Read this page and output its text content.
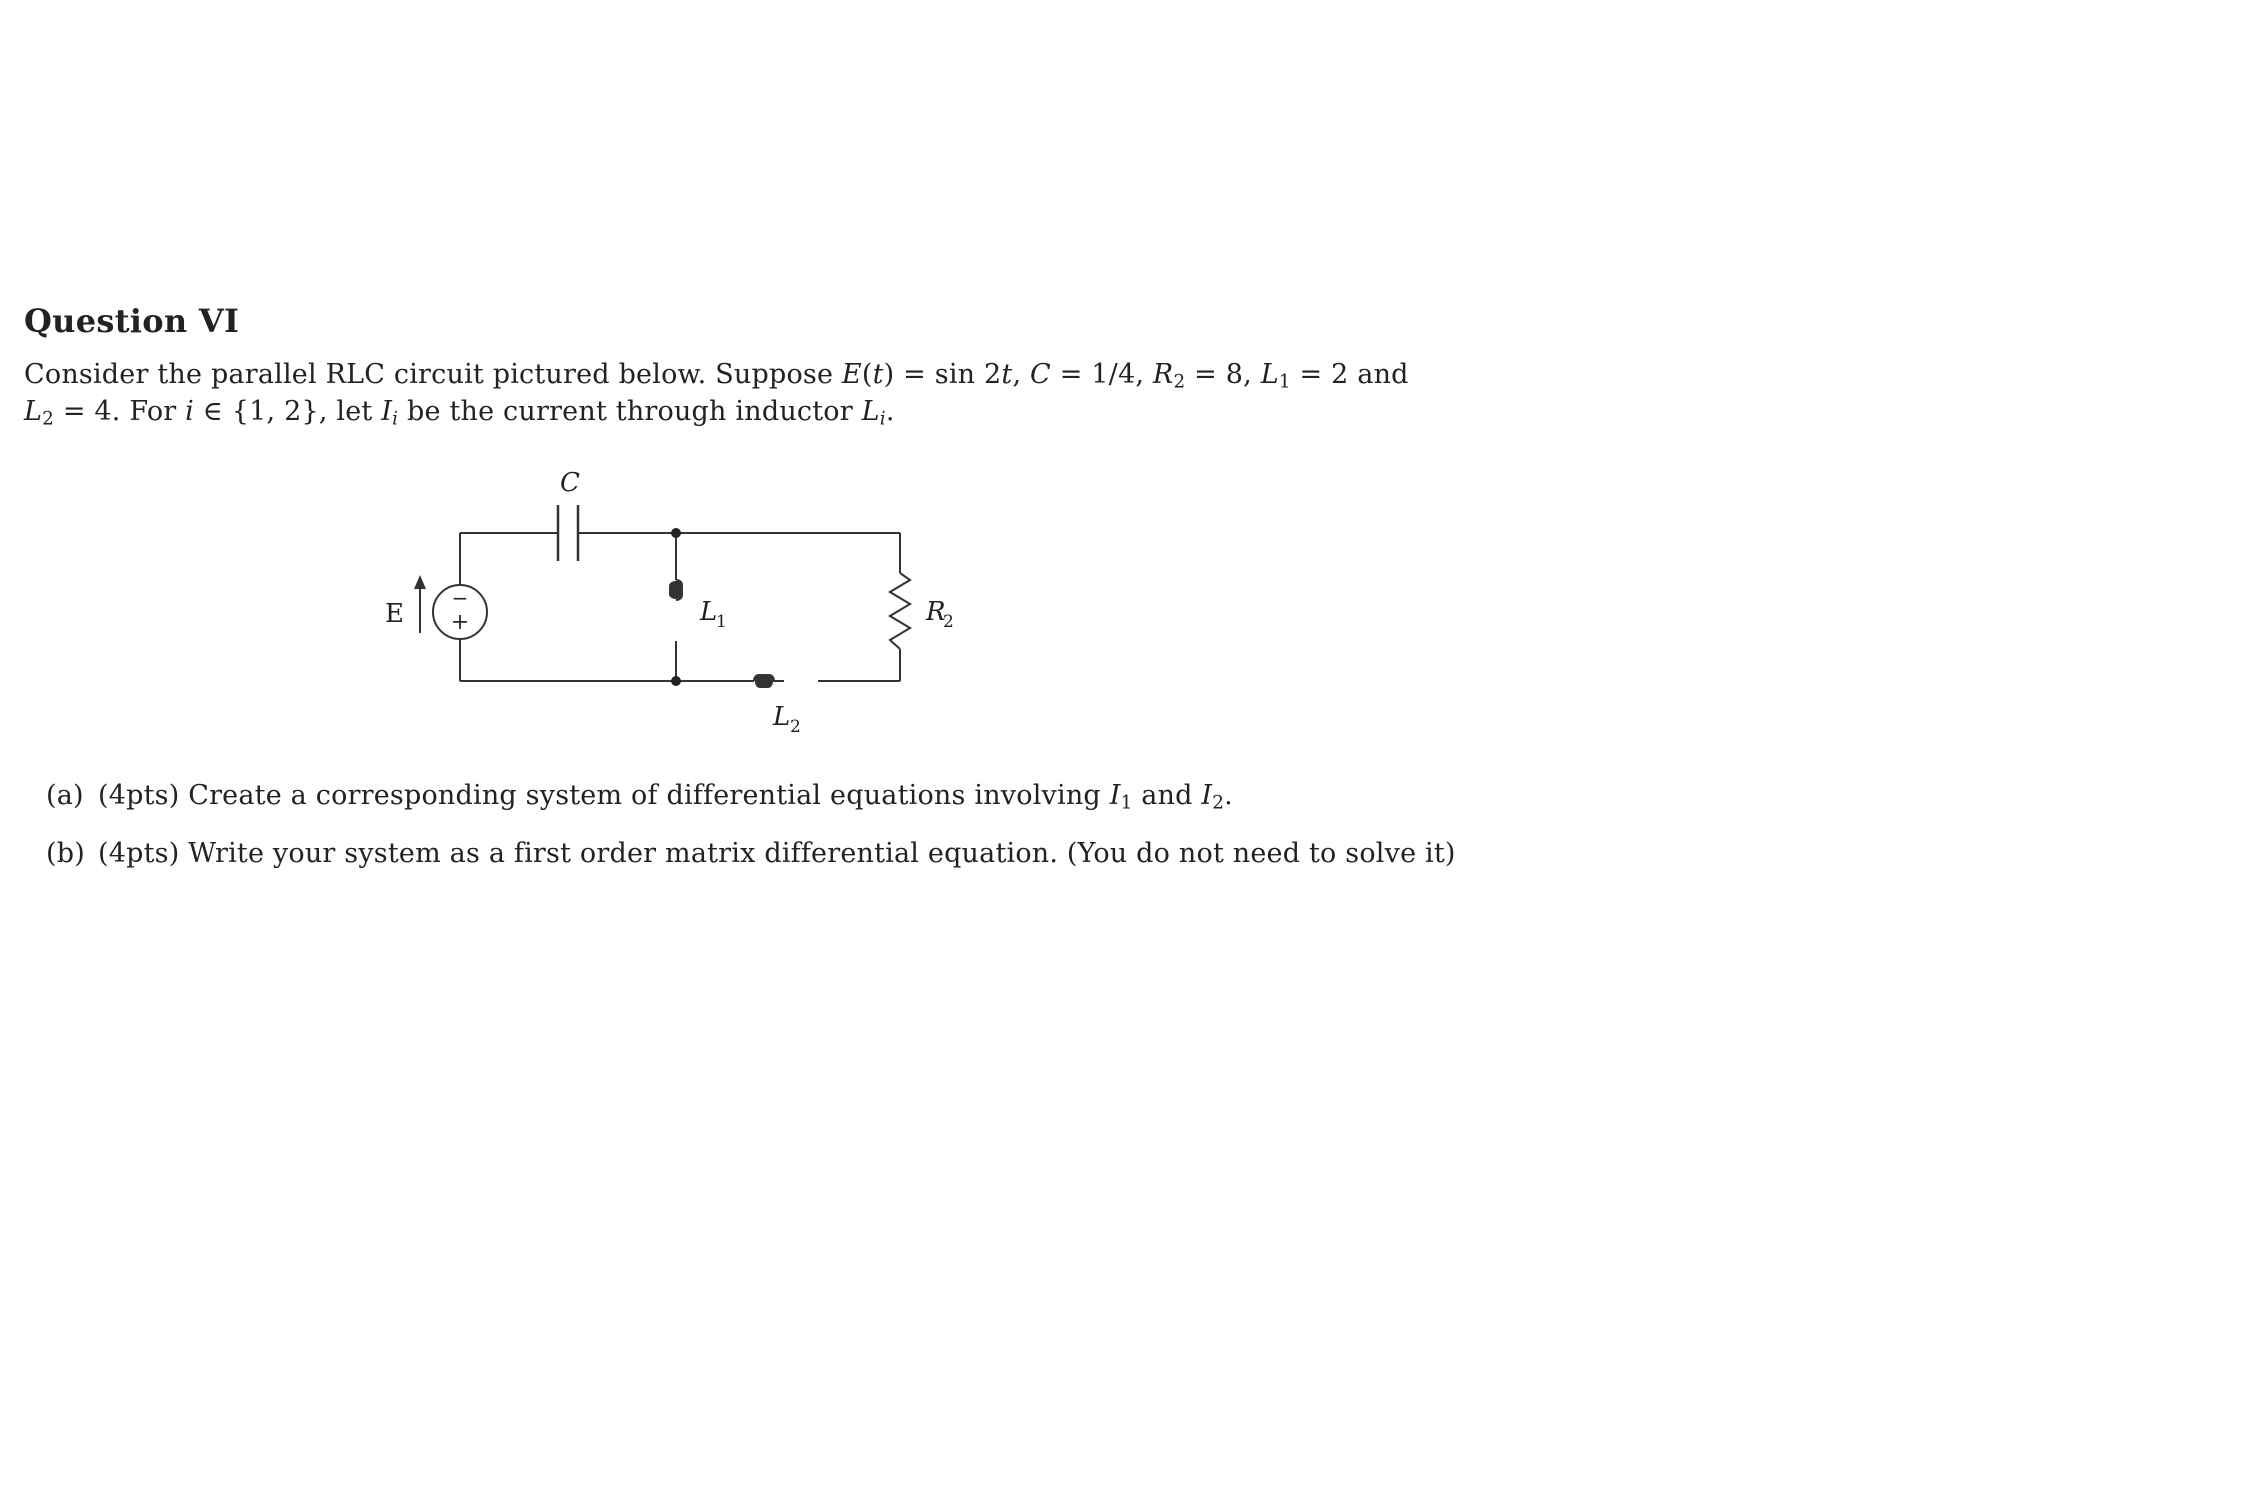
Question VI
Consider the parallel RLC circuit pictured below. Suppose E(t) = sin 2t, C = 1/4, $R_2 = 8$, $L_1 = 2$ and
$L_2 = 4$. For i ∈ {1, 2}, let $I_i$ be the current through inductor $L_i$.
C
E
−
+	L
1	R
2
L 2
(a) (4pts) Create a corresponding system of differential equations involving $I_1$ and $I_2$.
(b) (4pts) Write your system as a first order matrix differential equation. (You do not need to solve it)
